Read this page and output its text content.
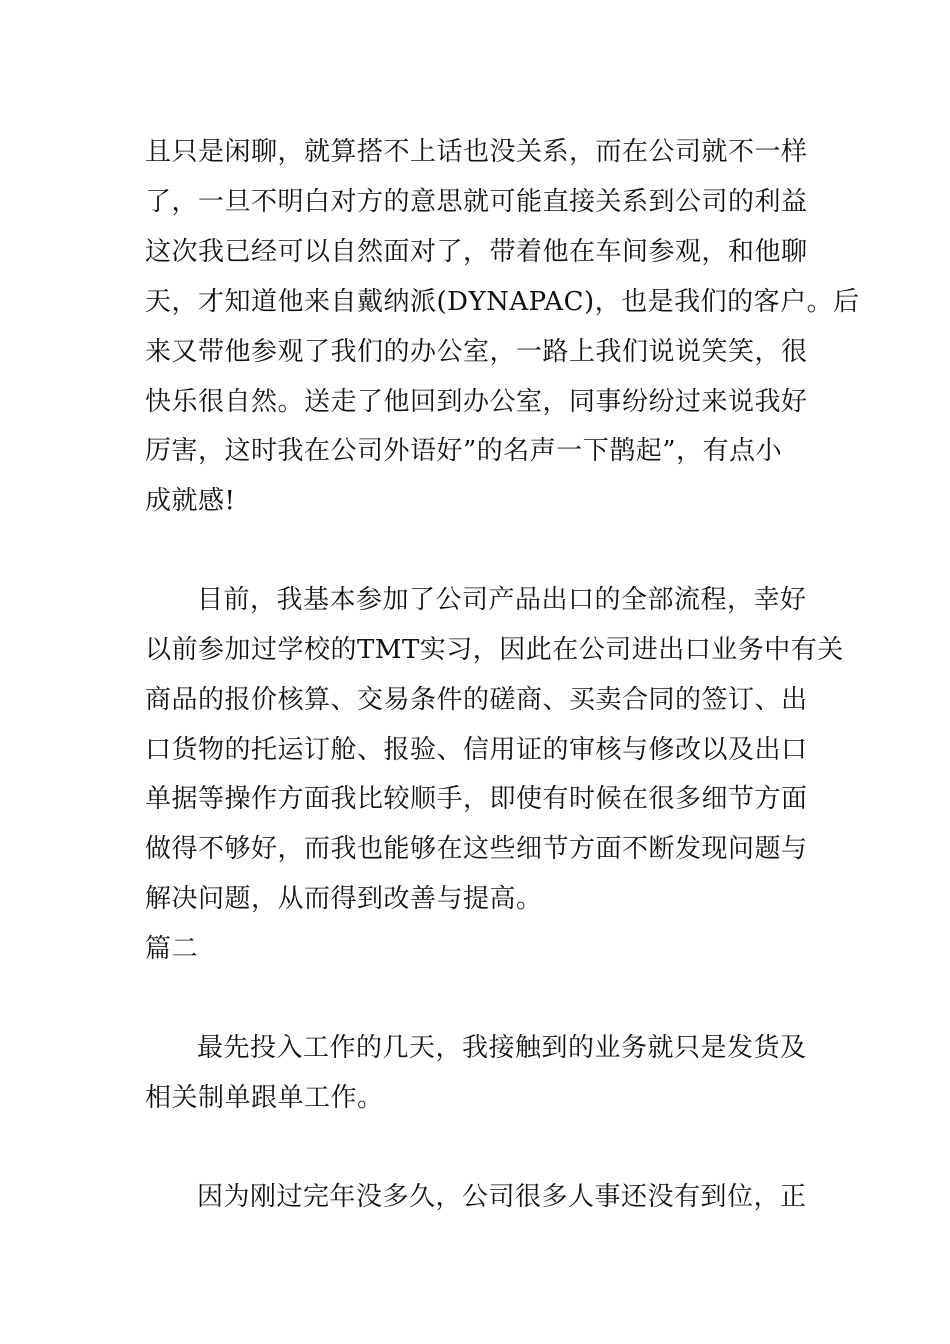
且只是闲聊，就算搭不上话也没关系，而在公司就不一样
了，一旦不明白对方的意思就可能直接关系到公司的利益
这次我已经可以自然面对了，带着他在车间参观，和他聊
天，才知道他来自戴纳派(DYNAPAC)，也是我们的客户。后
来又带他参观了我们的办公室，一路上我们说说笑笑，很
快乐很自然。送走了他回到办公室，同事纷纷过来说我好
厉害，这时我在公司外语好”的名声一下鹊起”，有点小
成就感!
目前，我基本参加了公司产品出口的全部流程，幸好
以前参加过学校的TMT实习，因此在公司进出口业务中有关
商品的报价核算、交易条件的磋商、买卖合同的签订、出
口货物的托运订舱、报验、信用证的审核与修改以及出口
单据等操作方面我比较顺手，即使有时候在很多细节方面
做得不够好，而我也能够在这些细节方面不断发现问题与
解决问题，从而得到改善与提高。
篇二
最先投入工作的几天，我接触到的业务就只是发货及
相关制单跟单工作。
因为刚过完年没多久，公司很多人事还没有到位，正
